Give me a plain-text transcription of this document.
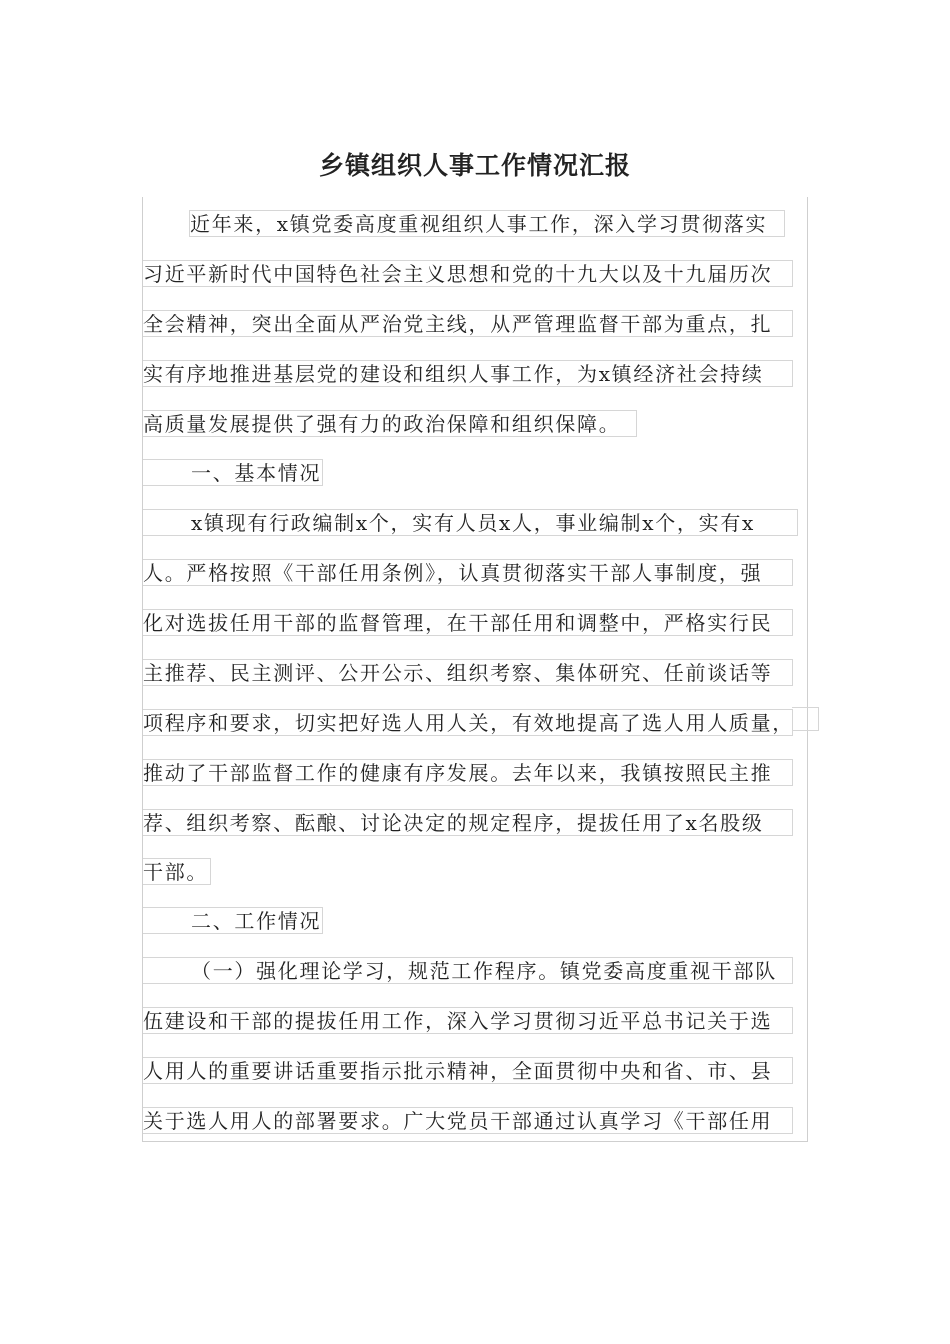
乡镇组织人事工作情况汇报
近年来，x镇党委高度重视组织人事工作，深入学习贯彻落实
习近平新时代中国特色社会主义思想和党的十九大以及十九届历次
全会精神，突出全面从严治党主线，从严管理监督干部为重点，扎
实有序地推进基层党的建设和组织人事工作，为x镇经济社会持续
高质量发展提供了强有力的政治保障和组织保障。
一、基本情况
x镇现有行政编制x个，实有人员x人，事业编制x个，实有x
人。严格按照《干部任用条例》，认真贯彻落实干部人事制度，强
化对选拔任用干部的监督管理，在干部任用和调整中，严格实行民
主推荐、民主测评、公开公示、组织考察、集体研究、任前谈话等
项程序和要求，切实把好选人用人关，有效地提高了选人用人质量，
推动了干部监督工作的健康有序发展。去年以来，我镇按照民主推
荐、组织考察、酝酿、讨论决定的规定程序，提拔任用了x名股级
干部。
二、工作情况
（一）强化理论学习，规范工作程序。镇党委高度重视干部队
伍建设和干部的提拔任用工作，深入学习贯彻习近平总书记关于选
人用人的重要讲话重要指示批示精神，全面贯彻中央和省、市、县
关于选人用人的部署要求。广大党员干部通过认真学习《干部任用
